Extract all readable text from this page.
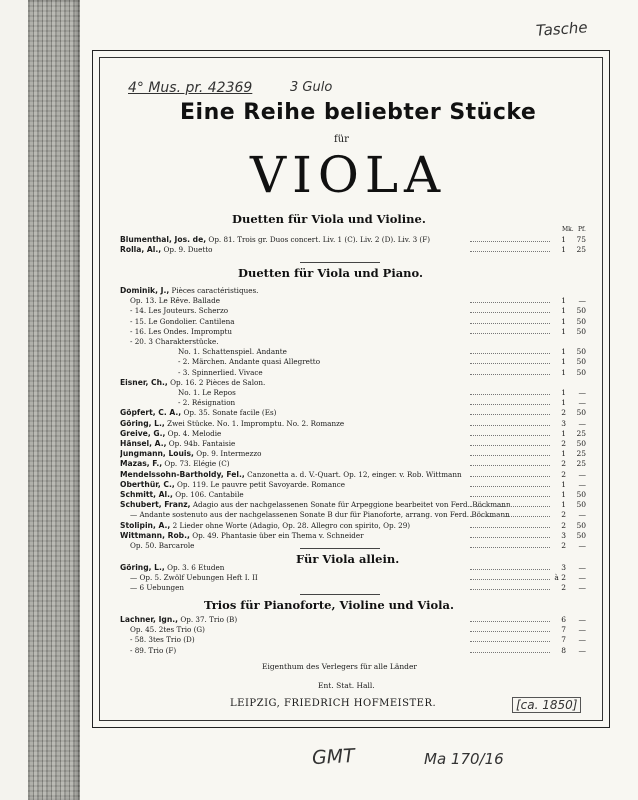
Tasche
4° Mus. pr. 42369	3 Gulo
[ca. 1850]
GMT	Ma 170/16
Eine Reihe beliebter Stücke
für
VIOLA
Mk. Pf.
Duetten für Viola und Violine.
Blumenthal, Jos. de, Op. 81. Trois gr. Duos concert. Liv. 1 (C). Liv. 2 (D). Liv. 3 (F)	1	75
Rolla, Al., Op. 9. Duetto	1	25
Duetten für Viola und Piano.
Dominik, J., Pièces caractéristiques.
Op. 13. Le Rêve. Ballade	1	—
- 14. Les Jouteurs. Scherzo	1	50
- 15. Le Gondolier. Cantilena	1	50
- 16. Les Ondes. Impromptu	1	50
- 20. 3 Charakterstücke.
No. 1. Schattenspiel. Andante	1	50
- 2. Märchen. Andante quasi Allegretto	1	50
- 3. Spinnerlied. Vivace	1	50
Eisner, Ch., Op. 16. 2 Pièces de Salon.
No. 1. Le Repos	1	—
- 2. Résignation	1	—
Göpfert, C. A., Op. 35. Sonate facile (Es)	2	50
Göring, L., Zwei Stücke. No. 1. Impromptu. No. 2. Romanze	3	—
Greive, G., Op. 4. Melodie	1	25
Hänsel, A., Op. 94b. Fantaisie	2	50
Jungmann, Louis, Op. 9. Intermezzo	1	25
Mazas, F., Op. 73. Elégie (C)	2	25
Mendelssohn-Bartholdy, Fel., Canzonetta a. d. V.-Quart. Op. 12, einger. v. Rob. Wittmann	2	—
Oberthür, C., Op. 119. Le pauvre petit Savoyarde. Romance	1	—
Schmitt, Al., Op. 106. Cantabile	1	50
Schubert, Franz, Adagio aus der nachgelassenen Sonate für Arpeggione bearbeitet von Ferd. Böckmann	1	50
— Andante sostenuto aus der nachgelassenen Sonate B dur für Pianoforte, arrang. von Ferd. Böckmann	2	—
Stolipin, A., 2 Lieder ohne Worte (Adagio, Op. 28. Allegro con spirito, Op. 29)	2	50
Wittmann, Rob., Op. 49. Phantasie über ein Thema v. Schneider	3	50
Op. 50. Barcarole	2	—
Für Viola allein.
Göring, L., Op. 3. 6 Etuden	3	—
— Op. 5. Zwölf Uebungen Heft I. II	à 2	—
— 6 Uebungen	2	—
Trios für Pianoforte, Violine und Viola.
Lachner, Ign., Op. 37. Trio (B)	6	—
Op. 45. 2tes Trio (G)	7	—
- 58. 3tes Trio (D)	7	—
- 89. Trio (F)	8	—
Eigenthum des Verlegers für alle Länder
Ent. Stat. Hall.
LEIPZIG, FRIEDRICH HOFMEISTER.
